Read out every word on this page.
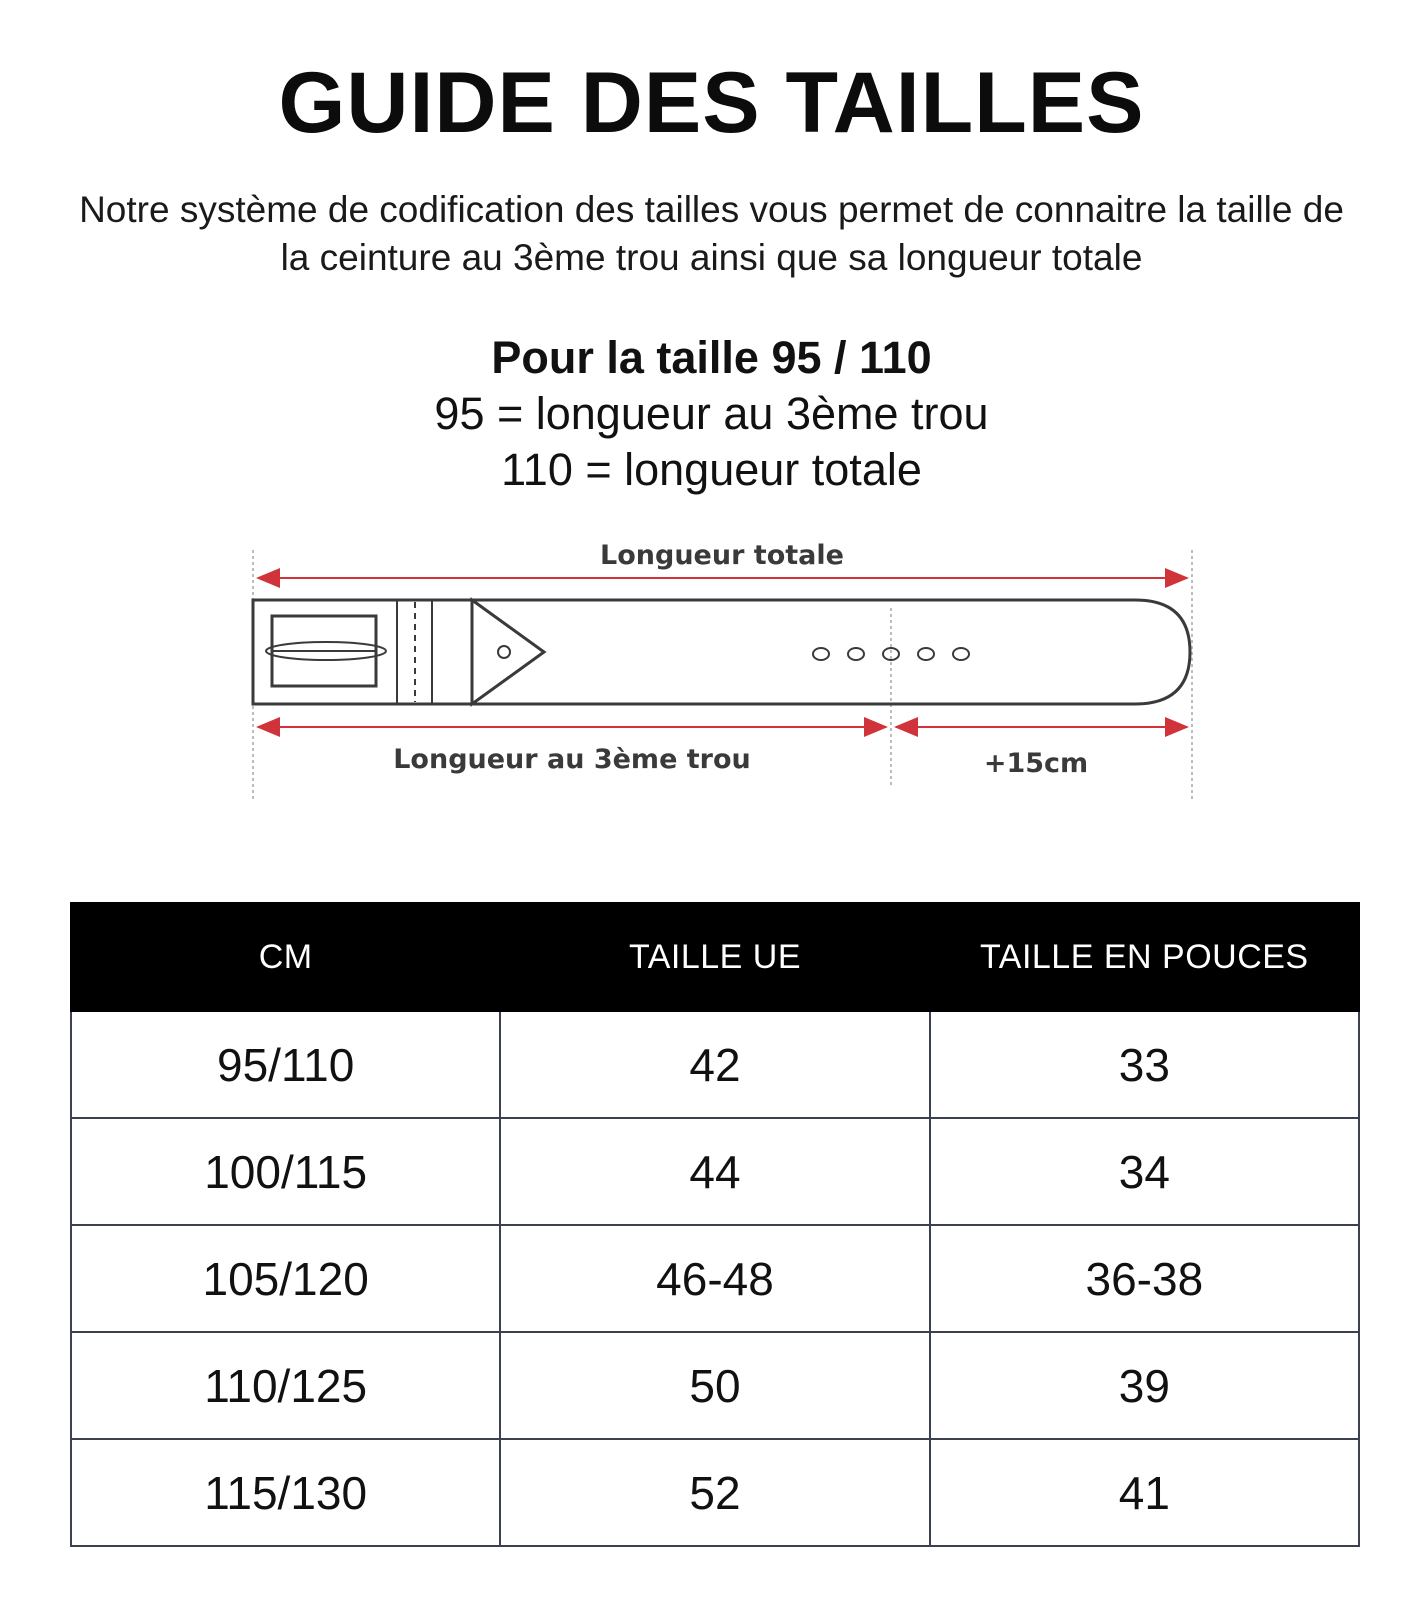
GUIDE DES TAILLES

Notre système de codification des tailles vous permet de connaitre la taille de la ceinture au 3ème trou ainsi que sa longueur totale

Pour la taille 95 / 110
95 = longueur au 3ème trou
110 = longueur totale
Longueur totale
Longueur au 3ème trou	+15cm
CM	TAILLE UE	TAILLE EN POUCES
95/110	42	33
100/115	44	34
105/120	46-48	36-38
110/125	50	39
115/130	52	41
